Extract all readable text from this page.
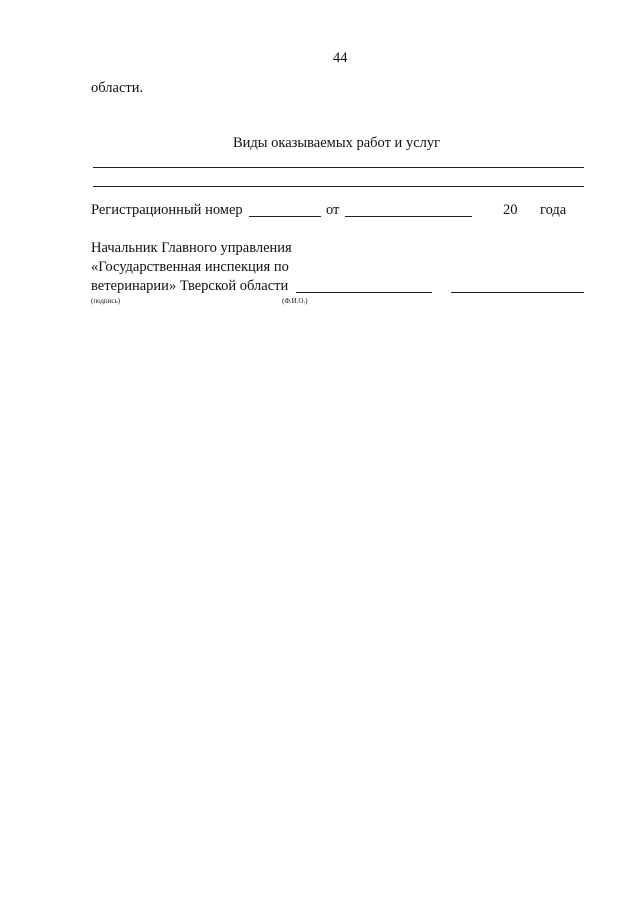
44
области.
Виды оказываемых работ и услуг
Регистрационный номер	от	20 года
Начальник Главного управления
«Государственная инспекция по
ветеринарии» Тверской области
(подпись)	(Ф.И.О.)
